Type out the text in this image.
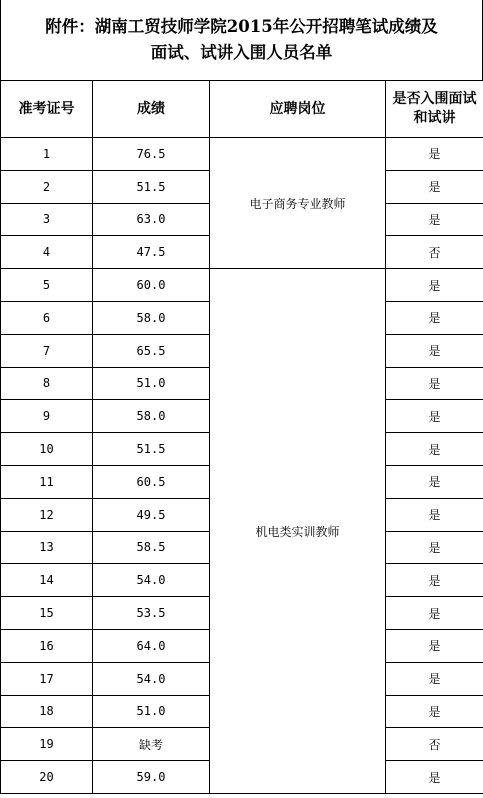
附件：湖南工贸技师学院2015年公开招聘笔试成绩及
面试、试讲入围人员名单
准考证号	成绩	应聘岗位	是否入围面试和试讲
1	76.5	电子商务专业教师	是
2	51.5		是
3	63.0		是
4	47.5		否
5	60.0	机电类实训教师	是
6	58.0		是
7	65.5		是
8	51.0		是
9	58.0		是
10	51.5		是
11	60.5		是
12	49.5		是
13	58.5		是
14	54.0		是
15	53.5		是
16	64.0		是
17	54.0		是
18	51.0		是
19	缺考		否
20	59.0		是
